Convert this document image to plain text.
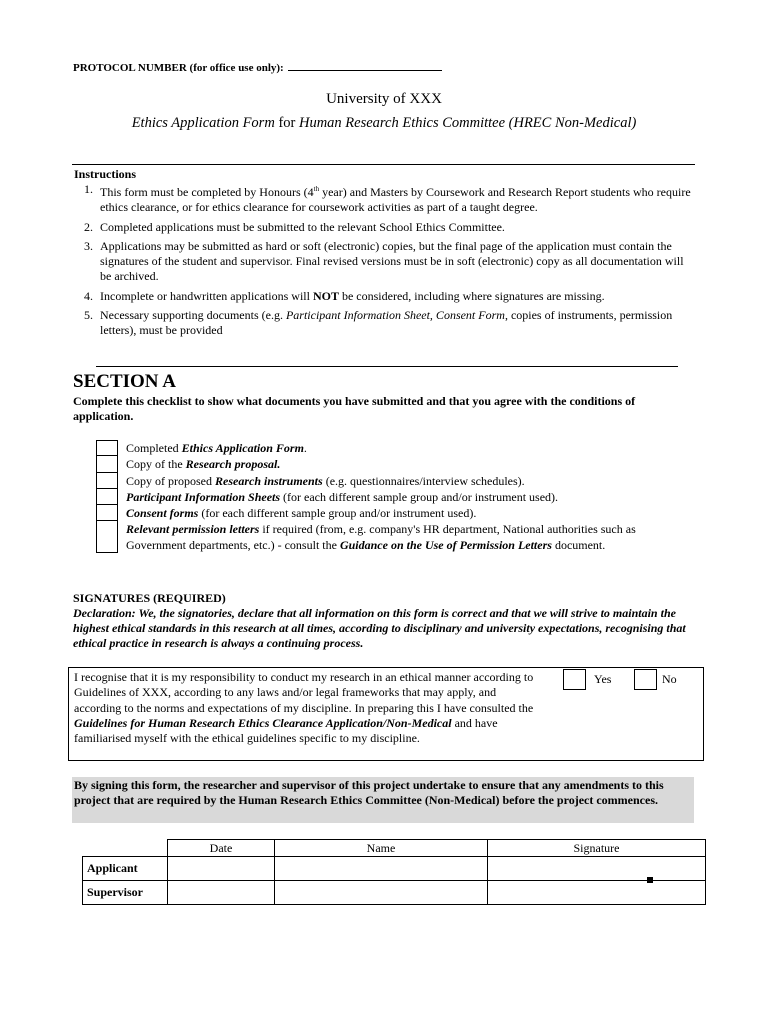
PROTOCOL NUMBER (for office use only):
University of XXX
Ethics Application Form for Human Research Ethics Committee (HREC Non-Medical)
Instructions
1. This form must be completed by Honours (4th year) and Masters by Coursework and Research Report students who require ethics clearance, or for ethics clearance for coursework activities as part of a taught degree.
2. Completed applications must be submitted to the relevant School Ethics Committee.
3. Applications may be submitted as hard or soft (electronic) copies, but the final page of the application must contain the signatures of the student and supervisor. Final revised versions must be in soft (electronic) copy as all documentation will be archived.
4. Incomplete or handwritten applications will NOT be considered, including where signatures are missing.
5. Necessary supporting documents (e.g. Participant Information Sheet, Consent Form, copies of instruments, permission letters), must be provided
SECTION A
Complete this checklist to show what documents you have submitted and that you agree with the conditions of application.
Completed Ethics Application Form.
Copy of the Research proposal.
Copy of proposed Research instruments (e.g. questionnaires/interview schedules).
Participant Information Sheets (for each different sample group and/or instrument used).
Consent forms (for each different sample group and/or instrument used).
Relevant permission letters if required (from, e.g. company's HR department, National authorities such as Government departments, etc.) - consult the Guidance on the Use of Permission Letters document.
SIGNATURES (REQUIRED)
Declaration: We, the signatories, declare that all information on this form is correct and that we will strive to maintain the highest ethical standards in this research at all times, according to disciplinary and university expectations, recognising that ethical practice in research is always a continuing process.
I recognise that it is my responsibility to conduct my research in an ethical manner according to Guidelines of XXX, according to any laws and/or legal frameworks that may apply, and according to the norms and expectations of my discipline. In preparing this I have consulted the Guidelines for Human Research Ethics Clearance Application/Non-Medical and have familiarised myself with the ethical guidelines specific to my discipline.
Yes	No
By signing this form, the researcher and supervisor of this project undertake to ensure that any amendments to this project that are required by the Human Research Ethics Committee (Non-Medical) before the project commences.
	Date	Name	Signature
Applicant			
Supervisor			
